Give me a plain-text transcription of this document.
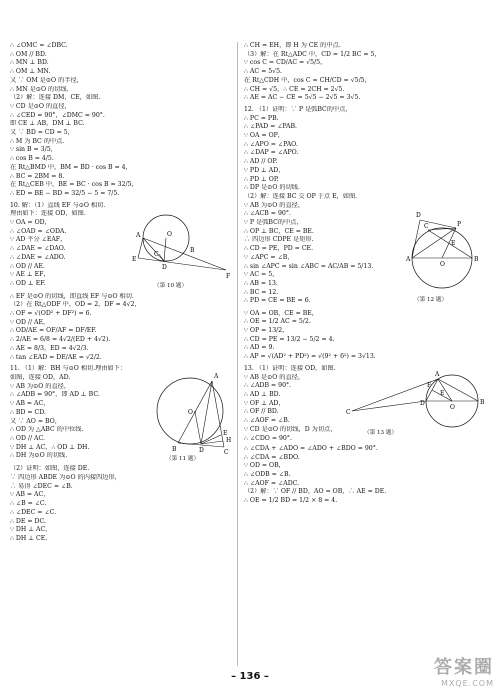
∴ ∠OMC = ∠DBC.
∴ OM // BD.
∴ MN ⊥ BD.
∴ OM ⊥ MN.
又 ∵ OM 是⊙O 的半径，
∴ MN 是⊙O 的切线.
（2）解：连接 DM，CE，如图.
∵ CD 是⊙O 的直径，
∴ ∠CED = 90°，∠DMC = 90°.
即 CE ⊥ AB，DM ⊥ BC.
又 ∵ BD = CD = 5，
∴ M 为 BC 的中点.
∵ sin B = 3/5，
∴ cos B = 4/5.
在 Rt△BMD 中，BM = BD · cos B = 4，
∴ BC = 2BM = 8.
在 Rt△CEB 中，BE = BC · cos B = 32/5，
∴ ED = BE − BD = 32/5 − 5 = 7/5.
10. 解：（1）直线 EF 与⊙O 相切.
理由如下：连接 OD，如图.
∵ OA = OD，
∴ ∠OAD = ∠ODA.
∵ AD 平分 ∠EAF，
∴ ∠DAE = ∠DAO.
∴ ∠DAE = ∠ADO.
∴ OD // AE.
∵ AE ⊥ EF，
∴ OD ⊥ EF.
A	O
B
D
E
C
F
（第 10 题）
∴ EF 是⊙O 的切线，即直线 EF 与⊙O 相切.
（2）在 Rt△ODF 中，OD = 2，DF = 4√2，
∴ OF = √(OD² + DF²) = 6.
∵ OD // AE，
∴ OD/AE = OF/AF = DF/EF.
∴ 2/AE = 6/8 = 4√2/(ED + 4√2).
∴ AE = 8/3，ED = 4√2/3.
∴ tan ∠EAD = DE/AE = √2/2.
11. （1）解：BH 与⊙O 相切.理由如下：
如图，连接 OD，AD.
∵ AB 为⊙O 的直径，
∴ ∠ADB = 90°，即 AD ⊥ BC.
∵ AB = AC，
∴ BD = CD.
又 ∵ AO = BO，
∴ OD 为 △ABC 的中位线.
∴ OD // AC.
∵ DH ⊥ AC，∴ OD ⊥ DH.
∴ DH 为⊙O 的切线.
A
O
D
B	C
E
H
（第 11 题）
（2）证明：如图，连接 DE.
∵ 四边形 ABDE 为⊙O 的内接四边形，
∴ 易得 ∠DEC = ∠B.
∵ AB = AC，
∴ ∠B = ∠C.
∴ ∠DEC = ∠C.
∴ DE = DC.
∵ DH ⊥ AC，
∴ DH ⊥ CE.
∴ CH = EH，即 H 为 CE 的中点.
（3）解：在 Rt△ADC 中，CD = 1/2 BC = 5，
∵ cos C = CD/AC = √5/5，
∴ AC = 5√5.
在 Rt△CDH 中，cos C = CH/CD = √5/5，
∴ CH = √5，∴ CE = 2CH = 2√5.
∴ AE = AC − CE = 5√5 − 2√5 = 3√5.
12. （1）证明：∵ P 是弧BC的中点，
∴ PC = PB.
∴ ∠PAD = ∠PAB.
∵ OA = OP，
∴ ∠APO = ∠PAO.
∴ ∠DAP = ∠APO.
∴ AD // OP.
∵ PD ⊥ AD，
∴ PD ⊥ OP.
∴ DP 是⊙O 的切线.
（2）解：连接 BC 交 OP 于点 E，如图.
∵ AB 为⊙O 的直径，
∴ ∠ACB = 90°.
∵ P 是弧BC的中点，
∴ OP ⊥ BC，CE = BE.
∴ 四边形 CDPE 是矩形.
∴ CD = PE，PD = CE.
∵ ∠APC = ∠B，
∴ sin ∠APC = sin ∠ABC = AC/AB = 5/13.
∵ AC = 5，
∴ AB = 13.
∴ BC = 12.
∴ PD = CE = BE = 6.
D
P
A
O
C
B
E
（第 12 题）
∵ OA = OB，CE = BE，
∴ OE = 1/2 AC = 5/2.
∵ OP = 13/2，
∴ CD = PE = 13/2 − 5/2 = 4.
∴ AD = 9.
∴ AP = √(AD² + PD²) = √(9² + 6²) = 3√13.
13. （1）证明：连接 OD，如图.
∵ AB 是⊙O 的直径，
∴ ∠ADB = 90°.
∴ AD ⊥ BD.
∵ OF ⊥ AD，
∴ OF // BD.
∴ ∠AOF = ∠B.
∵ CD 是⊙O 的切线，D 为切点，
∴ ∠CDO = 90°.
A
D
F
O
E
C
B
（第 13 题）
∴ ∠CDA + ∠ADO = ∠ADO + ∠BDO = 90°.
∴ ∠CDA = ∠BDO.
∵ OD = OB，
∴ ∠ODB = ∠B.
∴ ∠AOF = ∠ADC.
（2）解：∵ OF // BD，AO = OB，∴ AE = DE.
∴ OE = 1/2 BD = 1/2 × 8 = 4.
– 136 –	答案圈
MXQE.COM
